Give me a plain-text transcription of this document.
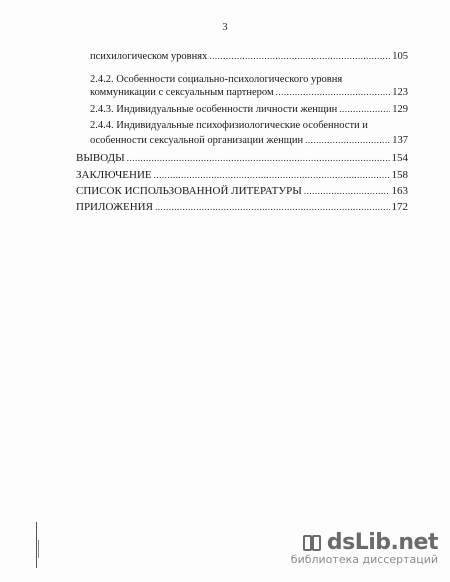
3
психилогическом уровнях .....	105
2.4.2. Особенности социально-психологического уровня
коммуникации с сексуальным партнером .....	123
2.4.3. Индивидуальные особенности личности женщин .....	129
2.4.4. Индивидуальные психофизиологические особенности и
особенности сексуальной организации женщин .....	137
ВЫВОДЫ .....	154
ЗАКЛЮЧЕНИЕ .....	158
СПИСОК ИСПОЛЬЗОВАННОЙ ЛИТЕРАТУРЫ .....	163
ПРИЛОЖЕНИЯ .....	172
dsLib.net
библиотека диссертаций
